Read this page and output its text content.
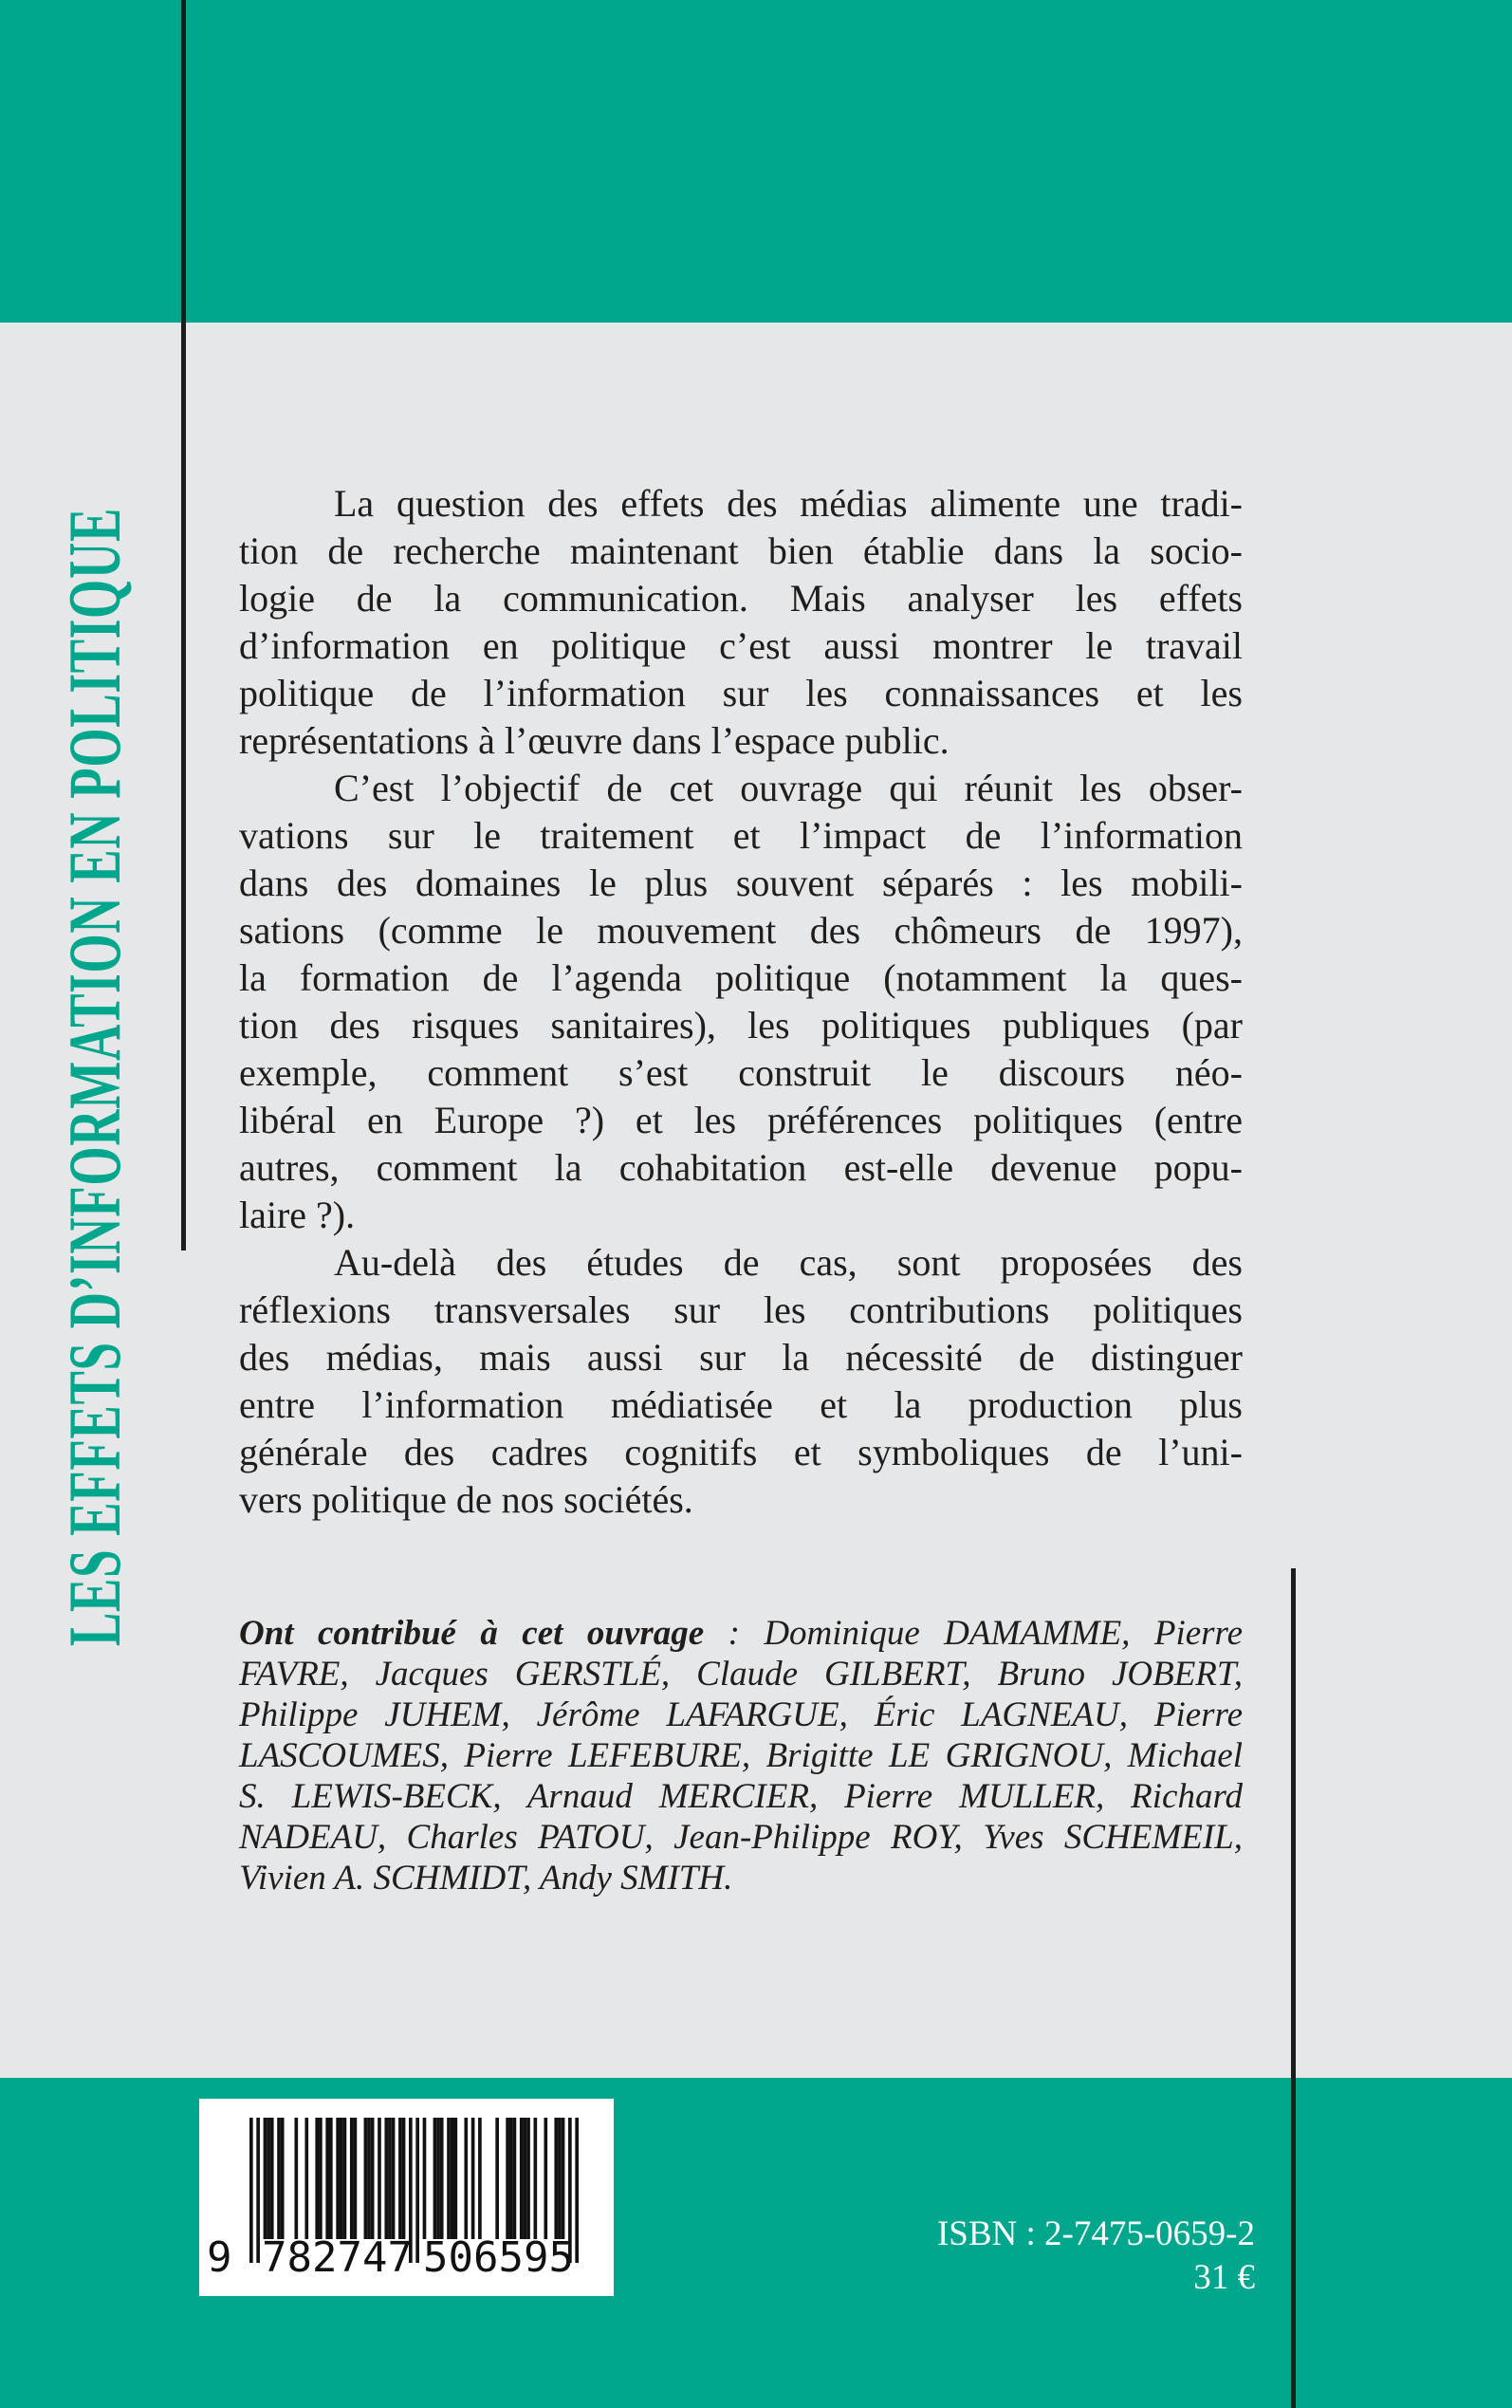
LES EFFETS D’INFORMATION EN POLITIQUE
La question des effets des médias alimente une tradi-
tion de recherche maintenant bien établie dans la socio-
logie de la communication. Mais analyser les effets
d’information en politique c’est aussi montrer le travail
politique de l’information sur les connaissances et les
représentations à l’œuvre dans l’espace public.
C’est l’objectif de cet ouvrage qui réunit les obser-
vations sur le traitement et l’impact de l’information
dans des domaines le plus souvent séparés : les mobili-
sations (comme le mouvement des chômeurs de 1997),
la formation de l’agenda politique (notamment la ques-
tion des risques sanitaires), les politiques publiques (par
exemple, comment s’est construit le discours néo-
libéral en Europe ?) et les préférences politiques (entre
autres, comment la cohabitation est-elle devenue popu-
laire ?).
Au-delà des études de cas, sont proposées des
réflexions transversales sur les contributions politiques
des médias, mais aussi sur la nécessité de distinguer
entre l’information médiatisée et la production plus
générale des cadres cognitifs et symboliques de l’uni-
vers politique de nos sociétés.
Ont contribué à cet ouvrage : Dominique DAMAMME, Pierre
FAVRE, Jacques GERSTLÉ, Claude GILBERT, Bruno JOBERT,
Philippe JUHEM, Jérôme LAFARGUE, Éric LAGNEAU, Pierre
LASCOUMES, Pierre LEFEBURE, Brigitte LE GRIGNOU, Michael
S. LEWIS-BECK, Arnaud MERCIER, Pierre MULLER, Richard
NADEAU, Charles PATOU, Jean-Philippe ROY, Yves SCHEMEIL,
Vivien A. SCHMIDT, Andy SMITH.
9 782747 506595	ISBN : 2-7475-0659-2
31 €
